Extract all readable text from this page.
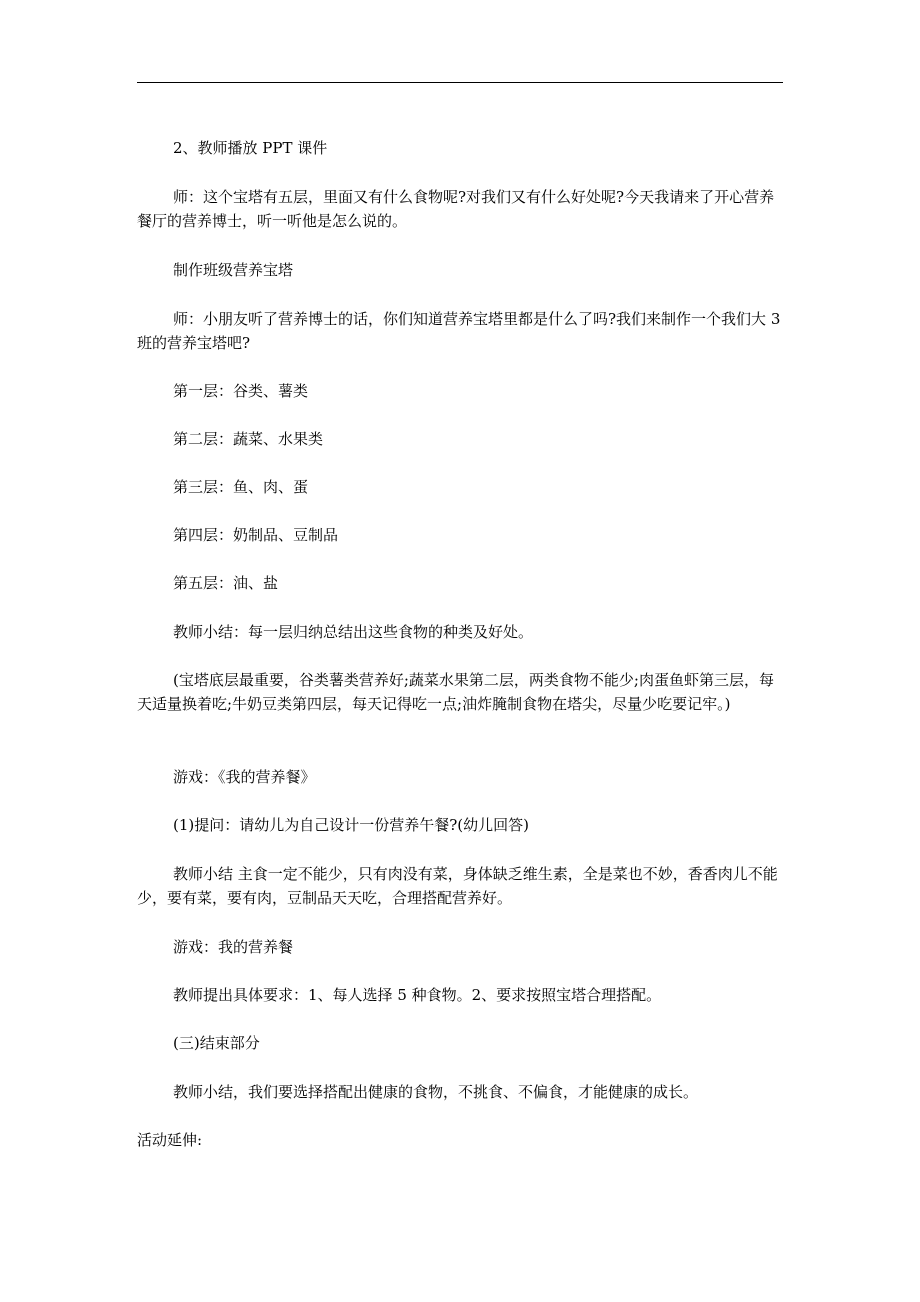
2、教师播放 PPT 课件

师：这个宝塔有五层，里面又有什么食物呢?对我们又有什么好处呢?今天我请来了开心营养餐厅的营养博士，听一听他是怎么说的。

制作班级营养宝塔

师：小朋友听了营养博士的话，你们知道营养宝塔里都是什么了吗?我们来制作一个我们大 3 班的营养宝塔吧?

第一层：谷类、薯类

第二层：蔬菜、水果类

第三层：鱼、肉、蛋

第四层：奶制品、豆制品

第五层：油、盐

教师小结：每一层归纳总结出这些食物的种类及好处。

(宝塔底层最重要，谷类薯类营养好;蔬菜水果第二层，两类食物不能少;肉蛋鱼虾第三层，每天适量换着吃;牛奶豆类第四层，每天记得吃一点;油炸腌制食物在塔尖，尽量少吃要记牢。)

游戏：《我的营养餐》

(1)提问：请幼儿为自己设计一份营养午餐?(幼儿回答)

教师小结 主食一定不能少，只有肉没有菜，身体缺乏维生素，全是菜也不妙，香香肉儿不能少，要有菜，要有肉，豆制品天天吃，合理搭配营养好。

游戏：我的营养餐

教师提出具体要求：1、每人选择 5 种食物。2、要求按照宝塔合理搭配。

(三)结束部分

教师小结，我们要选择搭配出健康的食物，不挑食、不偏食，才能健康的成长。

活动延伸:
